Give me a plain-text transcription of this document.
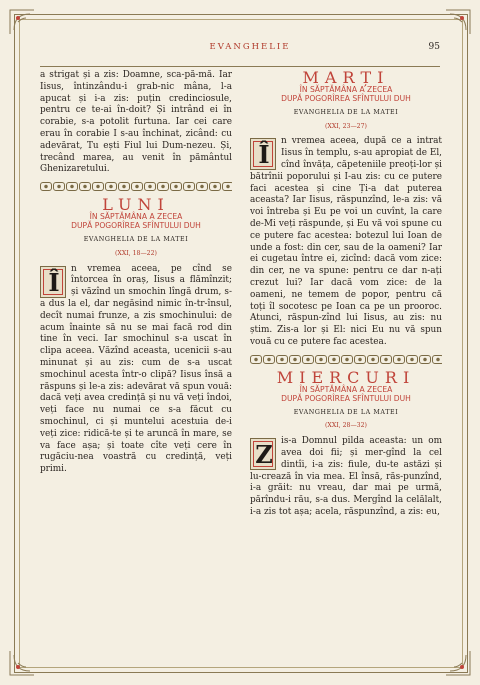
EVANGHELIE	95

a strigat și a zis: Doamne, sca-pă-mă. Iar Iisus, întinzându-i grab-nic mâna, l-a apucat și i-a zis: puțin credinciosule, pentru ce te-ai în-doit? Și intrând ei în corabie, s-a potolit furtuna. Iar cei care erau în corabie I s-au închinat, zicând: cu adevărat, Tu ești Fiul lui Dum-nezeu. Și, trecând marea, au venit în pământul Ghenizaretului.

LUNI
ÎN SĂPTĂMÂNA A ZECEA
DUPĂ POGORÎREA SFÎNTULUI DUH
EVANGHELIA DE LA MATEI
(XXI, 18—22)

Î	n vremea aceea, pe cînd se întorcea în oraș, Iisus a flămînzit; și văzînd un smochin lîngă drum, s-a dus la el, dar negăsind nimic în-tr-însul, decît numai frunze, a zis smochinului: de acum înainte să nu se mai facă rod din tine în veci. Iar smochinul s-a uscat în clipa aceea. Văzînd aceasta, ucenicii s-au minunat și au zis: cum de s-a uscat smochinul acesta într-o clipă? Iisus însă a răspuns și le-a zis: adevărat vă spun vouă: dacă veți avea credință și nu vă veți îndoi, veți face nu numai ce s-a făcut cu smochinul, ci și muntelui acestuia de-i veți zice: ridică-te și te aruncă în mare, se va face așa; și toate cîte veți cere în rugăciu-nea voastră cu credință, veți primi.

MARȚI
ÎN SĂPTĂMÂNA A ZECEA
DUPĂ POGORÎREA SFÎNTULUI DUH
EVANGHELIA DE LA MATEI
(XXI, 23—27)

Î	n vremea aceea, după ce a intrat Iisus în templu, s-au apropiat de El, cînd învăța, căpeteniile preoți-lor și bătrînii poporului și I-au zis: cu ce putere faci acestea și cine Ți-a dat puterea aceasta? Iar Iisus, răspunzînd, le-a zis: vă voi întreba și Eu pe voi un cuvînt, la care de-Mi veți răspunde, și Eu vă voi spune cu ce putere fac acestea: botezul lui Ioan de unde a fost: din cer, sau de la oameni? Iar ei cugetau între ei, zicînd: dacă vom zice: din cer, ne va spune: pentru ce dar n-ați crezut lui? Iar dacă vom zice: de la oameni, ne temem de popor, pentru că toți îl socotesc pe Ioan ca pe un prooroc. Atunci, răspun-zînd lui Iisus, au zis: nu știm. Zis-a lor și El: nici Eu nu vă spun vouă cu ce putere fac acestea.

MIERCURI
ÎN SĂPTĂMÂNA A ZECEA
DUPĂ POGORÎREA SFÎNTULUI DUH
EVANGHELIA DE LA MATEI
(XXI, 28—32)

Z is-a Domnul pilda aceasta: un om avea doi fii; și mer-gînd la cel dintîi, i-a zis: fiule, du-te astăzi și lu-crează în via mea. El însă, răs-punzînd, i-a grăit: nu vreau, dar mai pe urmă, părîndu-i rău, s-a dus. Mergînd la celălalt, i-a zis tot așa; acela, răspunzînd, a zis: eu,
